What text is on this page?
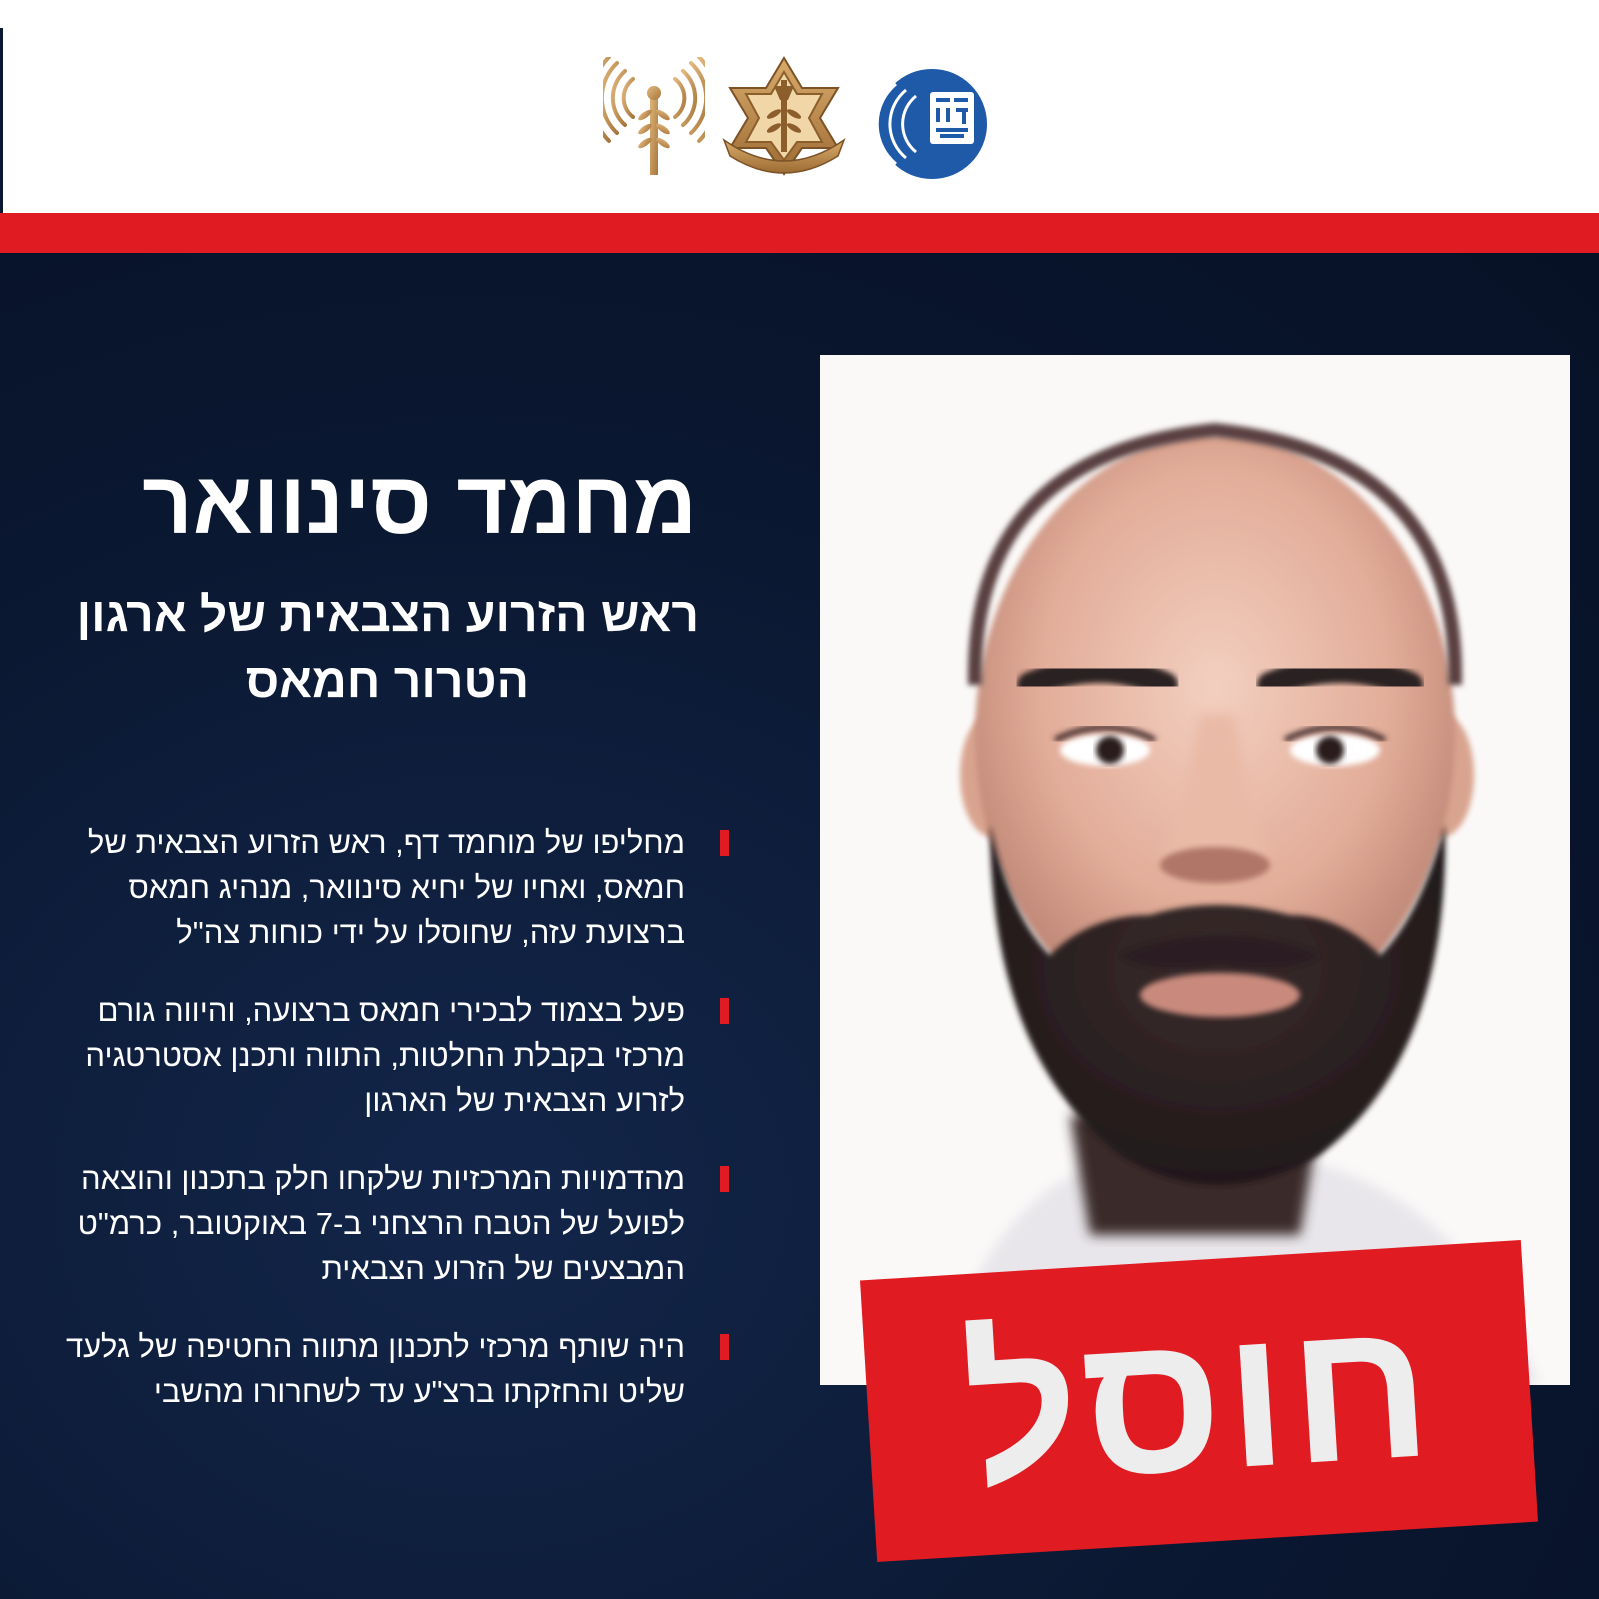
מחמד סינוואר
ראש הזרוע הצבאית של ארגון
הטרור חמאס
מחליפו של מוחמד דף, ראש הזרוע הצבאית של חמאס, ואחיו של יחיא סינוואר, מנהיג חמאס ברצועת עזה, שחוסלו על ידי כוחות צה"ל
פעל בצמוד לבכירי חמאס ברצועה, והיווה גורם מרכזי בקבלת החלטות, התווה ותכנן אסטרטגיה לזרוע הצבאית של הארגון
מהדמויות המרכזיות שלקחו חלק בתכנון והוצאה לפועל של הטבח הרצחני ב-7 באוקטובר, כרמ"ט המבצעים של הזרוע הצבאית
היה שותף מרכזי לתכנון מתווה החטיפה של גלעד שליט והחזקתו ברצ"ע עד לשחרורו מהשבי חוסל
